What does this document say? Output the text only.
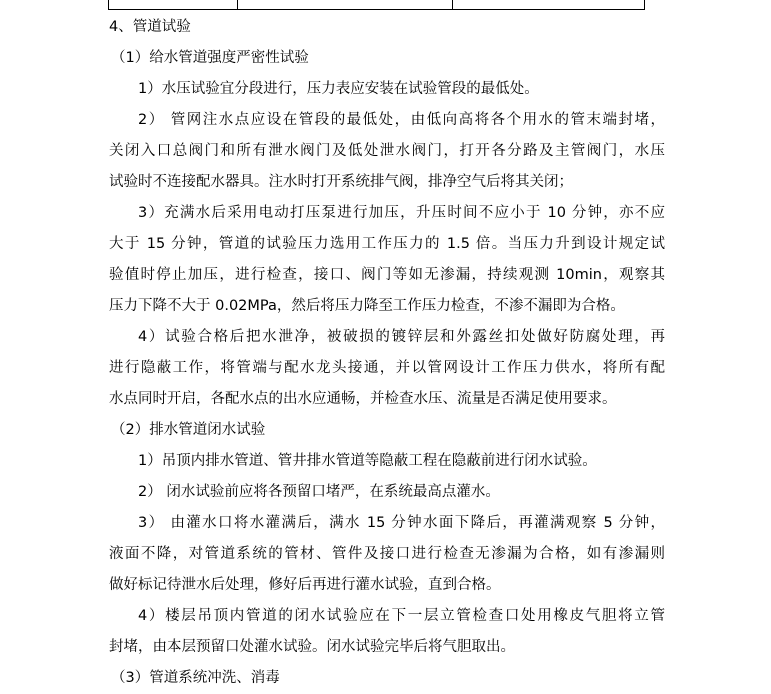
4、管道试验
（1）给水管道强度严密性试验
1）水压试验宜分段进行，压力表应安装在试验管段的最低处。
2） 管网注水点应设在管段的最低处，由低向高将各个用水的管末端封堵，
关闭入口总阀门和所有泄水阀门及低处泄水阀门，打开各分路及主管阀门，水压
试验时不连接配水器具。注水时打开系统排气阀，排净空气后将其关闭；
3）充满水后采用电动打压泵进行加压，升压时间不应小于 10 分钟，亦不应
大于 15 分钟，管道的试验压力选用工作压力的 1.5 倍。当压力升到设计规定试
验值时停止加压，进行检查，接口、阀门等如无渗漏，持续观测 10min，观察其
压力下降不大于 0.02MPa，然后将压力降至工作压力检查，不渗不漏即为合格。
4）试验合格后把水泄净，被破损的镀锌层和外露丝扣处做好防腐处理，再
进行隐蔽工作，将管端与配水龙头接通，并以管网设计工作压力供水，将所有配
水点同时开启，各配水点的出水应通畅，并检查水压、流量是否满足使用要求。
（2）排水管道闭水试验
1）吊顶内排水管道、管井排水管道等隐蔽工程在隐蔽前进行闭水试验。
2） 闭水试验前应将各预留口堵严，在系统最高点灌水。
3） 由灌水口将水灌满后，满水 15 分钟水面下降后，再灌满观察 5 分钟，
液面不降，对管道系统的管材、管件及接口进行检查无渗漏为合格，如有渗漏则
做好标记待泄水后处理，修好后再进行灌水试验，直到合格。
4）楼层吊顶内管道的闭水试验应在下一层立管检查口处用橡皮气胆将立管
封堵，由本层预留口处灌水试验。闭水试验完毕后将气胆取出。
（3）管道系统冲洗、消毒
